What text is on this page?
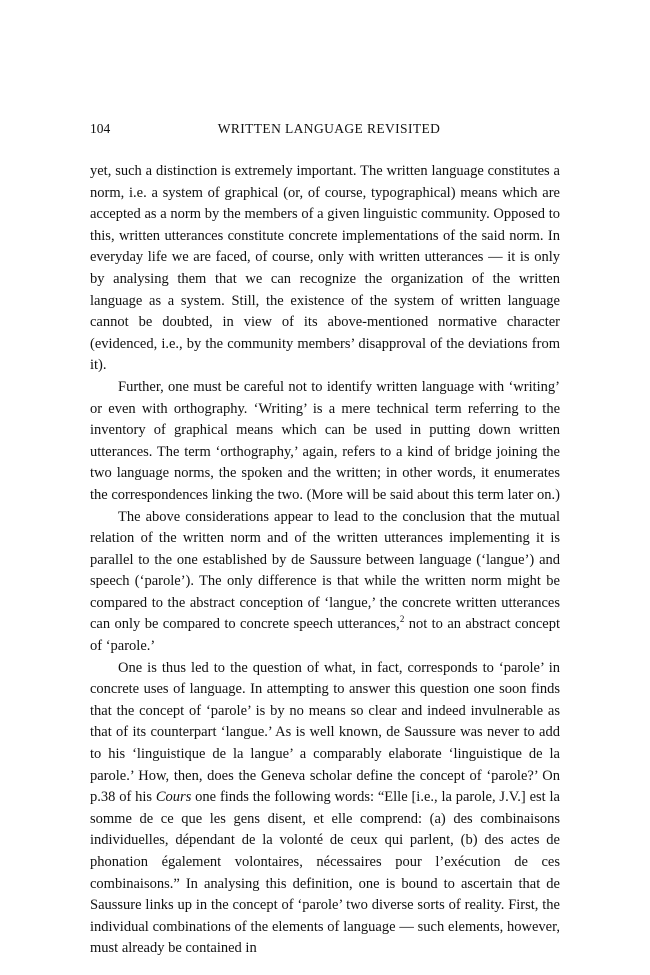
104	WRITTEN LANGUAGE REVISITED

yet, such a distinction is extremely important. The written language constitutes a norm, i.e. a system of graphical (or, of course, typographical) means which are accepted as a norm by the members of a given linguistic community. Opposed to this, written utterances constitute concrete implementations of the said norm. In everyday life we are faced, of course, only with written utterances — it is only by analysing them that we can recognize the organization of the written language as a system. Still, the existence of the system of written language cannot be doubted, in view of its above-mentioned normative character (evidenced, i.e., by the community members’ disapproval of the deviations from it).

Further, one must be careful not to identify written language with ‘writing’ or even with orthography. ‘Writing’ is a mere technical term referring to the inventory of graphical means which can be used in putting down written utterances. The term ‘orthography,’ again, refers to a kind of bridge joining the two language norms, the spoken and the written; in other words, it enumerates the correspondences linking the two. (More will be said about this term later on.)

The above considerations appear to lead to the conclusion that the mutual relation of the written norm and of the written utterances implementing it is parallel to the one established by de Saussure between language (‘langue’) and speech (‘parole’). The only difference is that while the written norm might be compared to the abstract conception of ‘langue,’ the concrete written utterances can only be compared to concrete speech utterances,$^2$ not to an abstract concept of ‘parole.’

One is thus led to the question of what, in fact, corresponds to ‘parole’ in concrete uses of language. In attempting to answer this question one soon finds that the concept of ‘parole’ is by no means so clear and indeed invulnerable as that of its counterpart ‘langue.’ As is well known, de Saussure was never to add to his ‘linguistique de la langue’ a comparably elaborate ‘linguistique de la parole.’ How, then, does the Geneva scholar define the concept of ‘parole?’ On p.38 of his Cours one finds the following words: “Elle [i.e., la parole, J.V.] est la somme de ce que les gens disent, et elle comprend: (a) des combinaisons individuelles, dépendant de la volonté de ceux qui parlent, (b) des actes de phonation également volontaires, nécessaires pour l’exécution de ces combinaisons.” In analysing this definition, one is bound to ascertain that de Saussure links up in the concept of ‘parole’ two diverse sorts of reality. First, the individual combinations of the elements of language — such elements, however, must already be contained in
